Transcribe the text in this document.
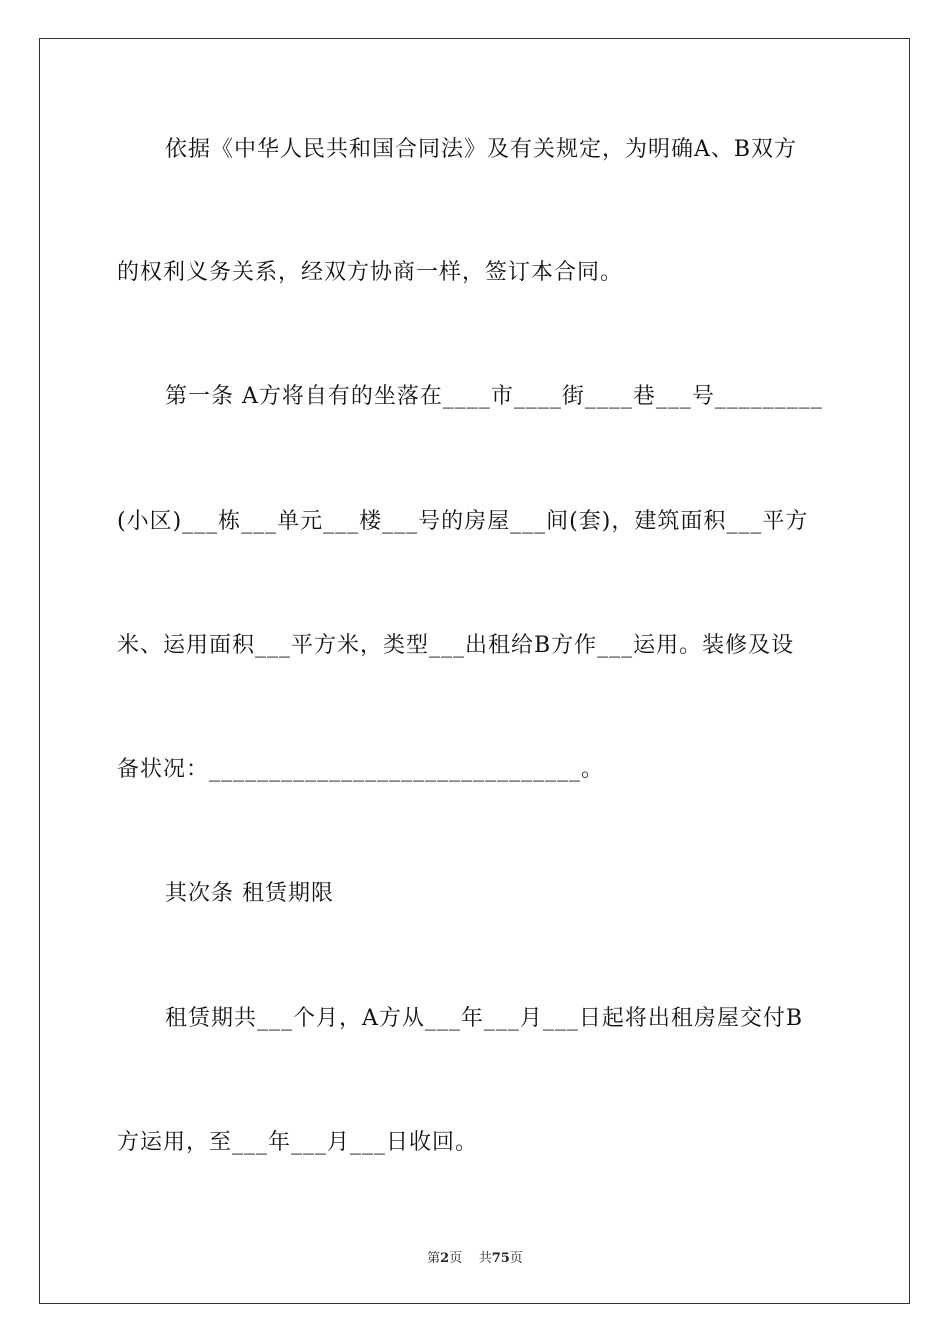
依据《中华人民共和国合同法》及有关规定，为明确A、B双方
的权利义务关系，经双方协商一样，签订本合同。
第一条 A方将自有的坐落在____市____街____巷___号_________
(小区)___栋___单元___楼___号的房屋___间(套)，建筑面积___平方
米、运用面积___平方米，类型___出租给B方作___运用。装修及设
备状况：_______________________________。
其次条 租赁期限
租赁期共___个月，A方从___年___月___日起将出租房屋交付B
方运用，至___年___月___日收回。
第2页 共75页
